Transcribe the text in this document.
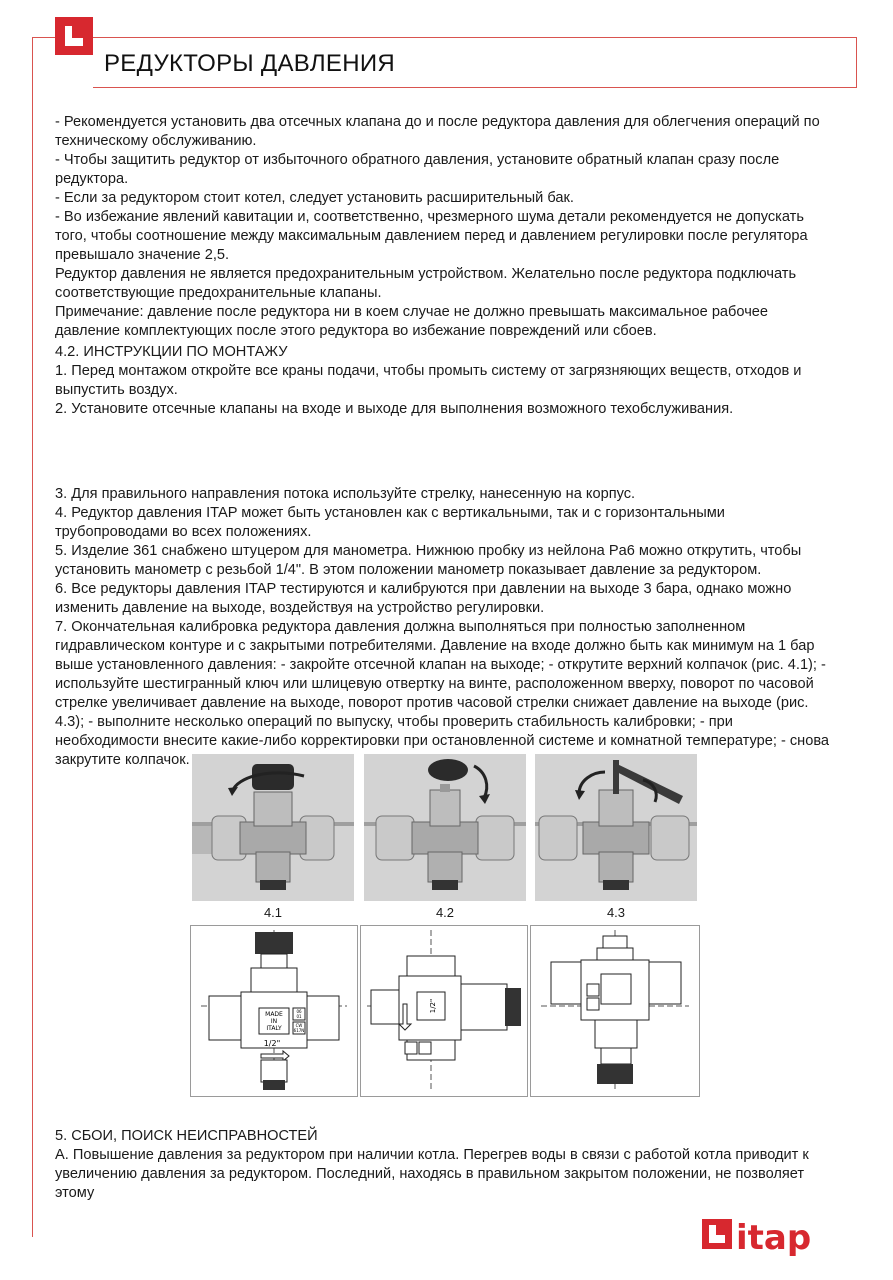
РЕДУКТОРЫ ДАВЛЕНИЯ

- Рекомендуется установить два отсечных клапана до и после редуктора давления для облегчения операций по техническому обслуживанию.

- Чтобы защитить редуктор от избыточного обратного давления, установите обратный клапан сразу после редуктора.

- Если за редуктором стоит котел, следует установить расширительный бак.

- Во избежание явлений кавитации и, соответственно, чрезмерного шума детали рекомендуется не допускать того, чтобы соотношение между максимальным давлением перед и давлением регулировки после регулятора превышало значение 2,5.

Редуктор давления не является предохранительным устройством. Желательно после редуктора подключать соответствующие предохранительные клапаны.

Примечание: давление после редуктора ни в коем случае не должно превышать максимальное рабочее давление комплектующих после этого редуктора во избежание повреждений или сбоев.

4.2. ИНСТРУКЦИИ ПО МОНТАЖУ

1. Перед монтажом откройте все краны подачи, чтобы промыть систему от загрязняющих веществ, отходов и выпустить воздух.

2. Установите отсечные клапаны на входе и выходе для выполнения возможного техобслуживания.

3. Для правильного направления потока используйте стрелку, нанесенную на корпус.

4. Редуктор давления ITAP может быть установлен как с вертикальными, так и с горизонтальными трубопроводами во всех положениях.

5. Изделие 361 снабжено штуцером для манометра. Нижнюю пробку из нейлона Pa6 можно открутить, чтобы установить манометр с резьбой 1/4". В этом положении манометр показывает давление за редуктором.

6. Все редукторы давления ITAP тестируются и калибруются при давлении на выходе 3 бара, однако можно изменить давление на выходе, воздействуя на устройство регулировки.

7. Окончательная калибровка редуктора давления должна выполняться при полностью заполненном гидравлическом контуре и с закрытыми потребителями. Давление на входе должно быть как минимум на 1 бар выше установленного давления: - закройте отсечной клапан на выходе; - открутите верхний колпачок (рис. 4.1); - используйте шестигранный ключ или шлицевую отвертку на винте, расположенном вверху, поворот по часовой стрелке увеличивает давление на выходе, поворот против часовой стрелки снижает давление на выходе (рис. 4.3); - выполните несколько операций по выпуску, чтобы проверить стабильность калибровки; - при необходимости внесите какие-либо корректировки при остановленной системе и комнатной температуре; - снова закрутите колпачок.

4.1	4.2	4.3
MADE
IN
ITALY
1/2"
06
01
CW
617N
1/2"

5. СБОИ, ПОИСК НЕИСПРАВНОСТЕЙ

А. Повышение давления за редуктором при наличии котла. Перегрев воды в связи с работой котла приводит к увеличению давления за редуктором. Последний, находясь в правильном закрытом положении, не позволяет этому

itap
